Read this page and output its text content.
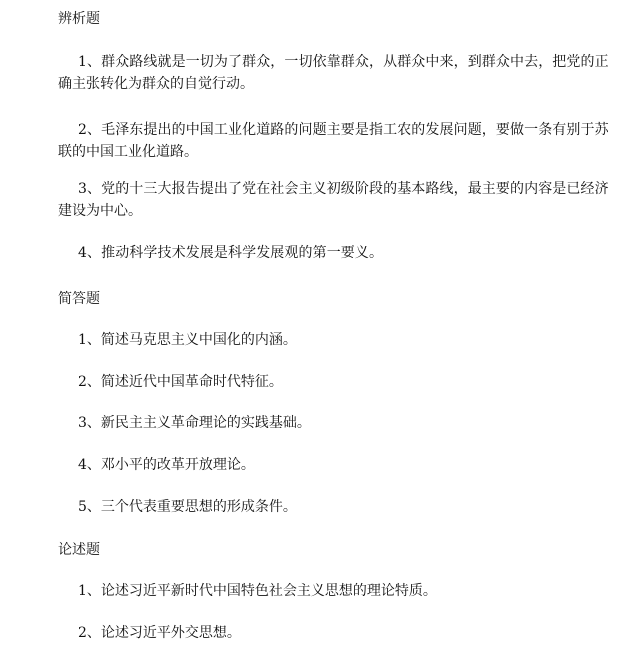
辨析题
1、群众路线就是一切为了群众，一切依靠群众，从群众中来，到群众中去，把党的正
确主张转化为群众的自觉行动。
2、毛泽东提出的中国工业化道路的问题主要是指工农的发展问题，要做一条有别于苏
联的中国工业化道路。
3、党的十三大报告提出了党在社会主义初级阶段的基本路线，最主要的内容是已经济
建设为中心。
4、推动科学技术发展是科学发展观的第一要义。
简答题
1、简述马克思主义中国化的内涵。
2、简述近代中国革命时代特征。
3、新民主主义革命理论的实践基础。
4、邓小平的改革开放理论。
5、三个代表重要思想的形成条件。
论述题
1、论述习近平新时代中国特色社会主义思想的理论特质。
2、论述习近平外交思想。
